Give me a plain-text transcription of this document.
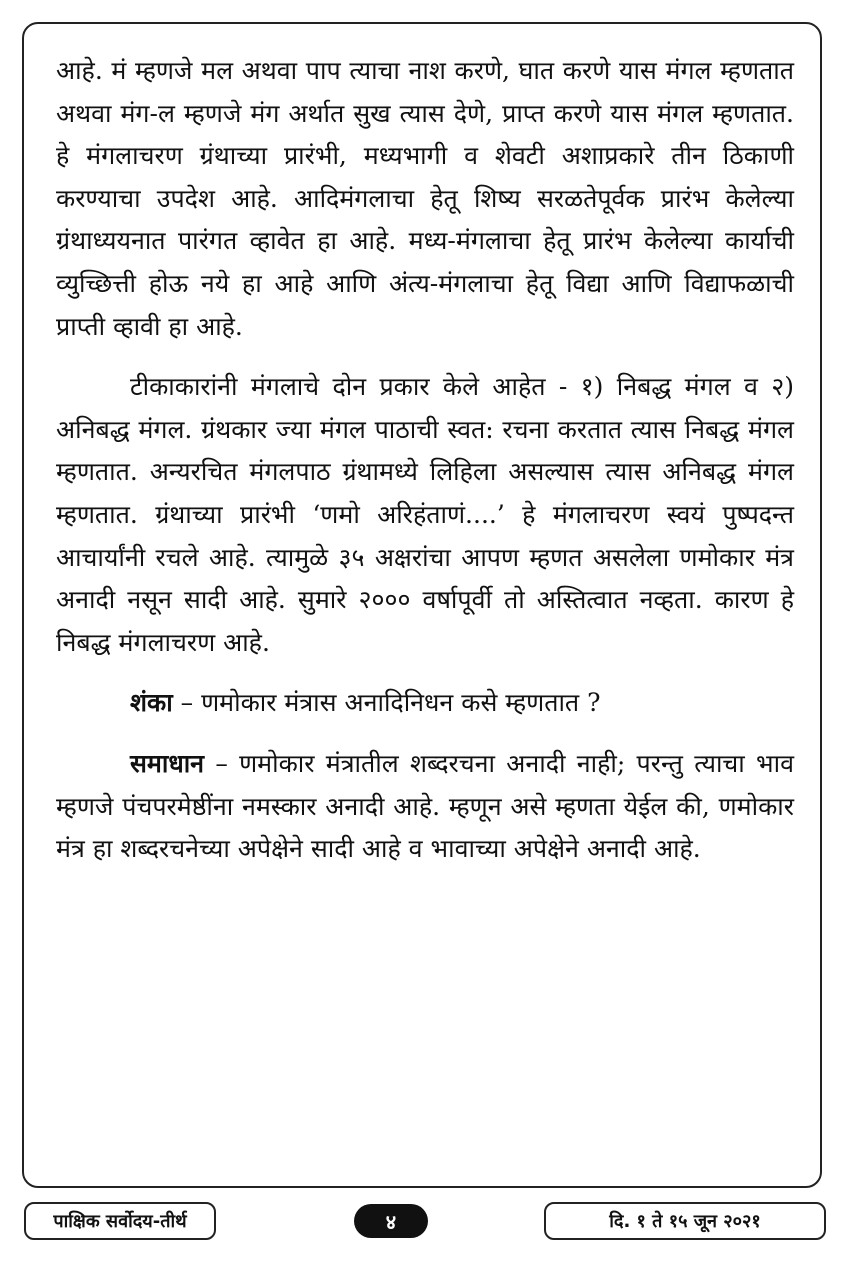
आहे. मं म्हणजे मल अथवा पाप त्याचा नाश करणे, घात करणे यास मंगल म्हणतात अथवा मंग-ल म्हणजे मंग अर्थात सुख त्यास देणे, प्राप्त करणे यास मंगल म्हणतात. हे मंगलाचरण ग्रंथाच्या प्रारंभी, मध्यभागी व शेवटी अशाप्रकारे तीन ठिकाणी करण्याचा उपदेश आहे. आदिमंगलाचा हेतू शिष्य सरळतेपूर्वक प्रारंभ केलेल्या ग्रंथाध्ययनात पारंगत व्हावेत हा आहे. मध्य-मंगलाचा हेतू प्रारंभ केलेल्या कार्याची व्युच्छित्ती होऊ नये हा आहे आणि अंत्य-मंगलाचा हेतू विद्या आणि विद्याफळाची प्राप्ती व्हावी हा आहे.

टीकाकारांनी मंगलाचे दोन प्रकार केले आहेत - १) निबद्ध मंगल व २) अनिबद्ध मंगल. ग्रंथकार ज्या मंगल पाठाची स्वत: रचना करतात त्यास निबद्ध मंगल म्हणतात. अन्यरचित मंगलपाठ ग्रंथामध्ये लिहिला असल्यास त्यास अनिबद्ध मंगल म्हणतात. ग्रंथाच्या प्रारंभी ‘णमो अरिहंताणं....’ हे मंगलाचरण स्वयं पुष्पदन्त आचार्यांनी रचले आहे. त्यामुळे ३५ अक्षरांचा आपण म्हणत असलेला णमोकार मंत्र अनादी नसून सादी आहे. सुमारे २००० वर्षापूर्वी तो अस्तित्वात नव्हता. कारण हे निबद्ध मंगलाचरण आहे.

शंका – णमोकार मंत्रास अनादिनिधन कसे म्हणतात ?

समाधान – णमोकार मंत्रातील शब्दरचना अनादी नाही; परन्तु त्याचा भाव म्हणजे पंचपरमेष्ठींना नमस्कार अनादी आहे. म्हणून असे म्हणता येईल की, णमोकार मंत्र हा शब्दरचनेच्या अपेक्षेने सादी आहे व भावाच्या अपेक्षेने अनादी आहे.

पाक्षिक सर्वोदय-तीर्थ	४	दि. १ ते १५ जून २०२१
